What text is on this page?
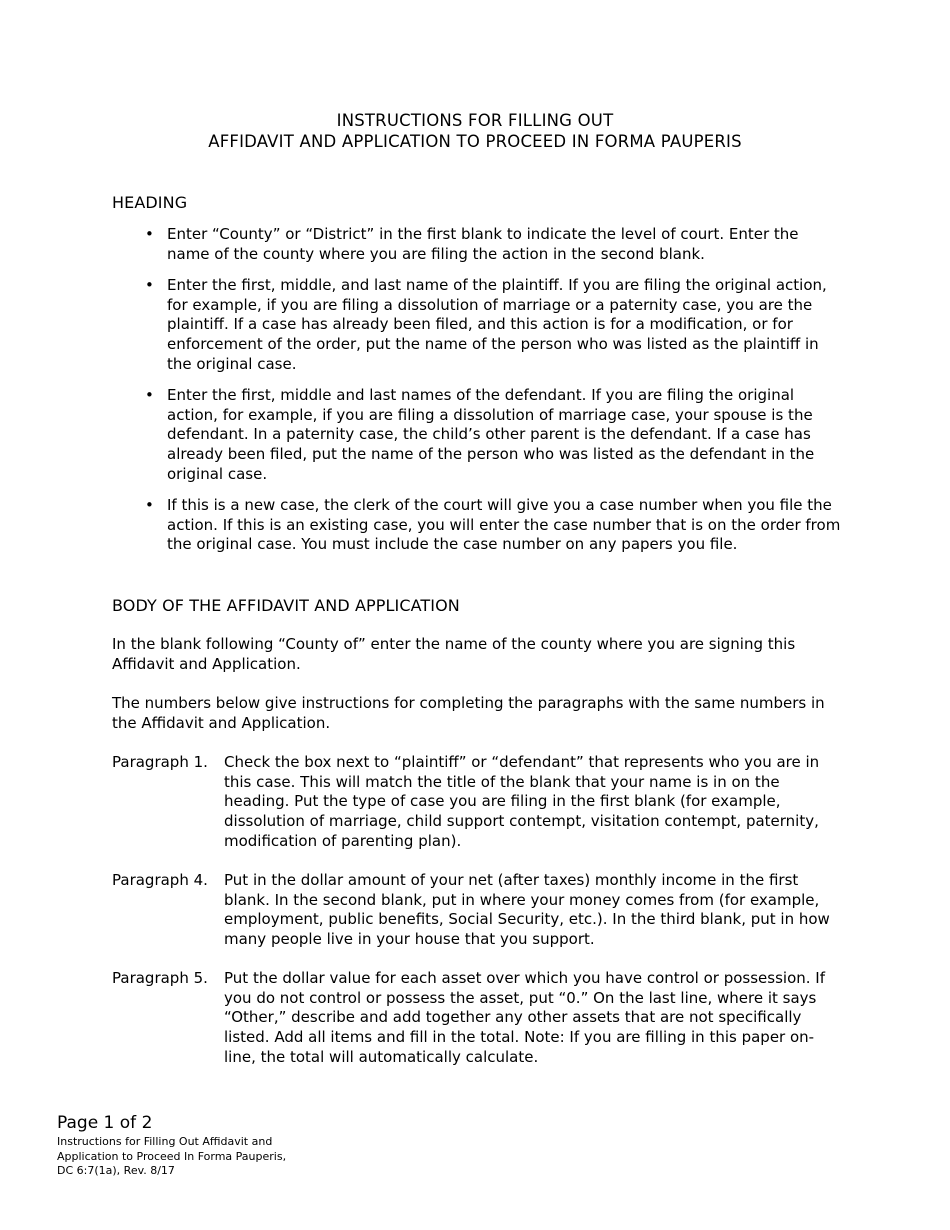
INSTRUCTIONS FOR FILLING OUT
AFFIDAVIT AND APPLICATION TO PROCEED IN FORMA PAUPERIS
HEADING
• Enter “County” or “District” in the first blank to indicate the level of court. Enter the name of the county where you are filing the action in the second blank.
• Enter the first, middle, and last name of the plaintiff. If you are filing the original action, for example, if you are filing a dissolution of marriage or a paternity case, you are the plaintiff. If a case has already been filed, and this action is for a modification, or for enforcement of the order, put the name of the person who was listed as the plaintiff in the original case.
• Enter the first, middle and last names of the defendant. If you are filing the original action, for example, if you are filing a dissolution of marriage case, your spouse is the defendant. In a paternity case, the child’s other parent is the defendant. If a case has already been filed, put the name of the person who was listed as the defendant in the original case.
• If this is a new case, the clerk of the court will give you a case number when you file the action. If this is an existing case, you will enter the case number that is on the order from the original case. You must include the case number on any papers you file.
BODY OF THE AFFIDAVIT AND APPLICATION

In the blank following “County of” enter the name of the county where you are signing this Affidavit and Application.

The numbers below give instructions for completing the paragraphs with the same numbers in the Affidavit and Application.

Paragraph 1.	Check the box next to “plaintiff” or “defendant” that represents who you are in this case. This will match the title of the blank that your name is in on the heading. Put the type of case you are filing in the first blank (for example, dissolution of marriage, child support contempt, visitation contempt, paternity, modification of parenting plan).
Paragraph 4.	Put in the dollar amount of your net (after taxes) monthly income in the first blank. In the second blank, put in where your money comes from (for example, employment, public benefits, Social Security, etc.). In the third blank, put in how many people live in your house that you support.
Paragraph 5.	Put the dollar value for each asset over which you have control or possession. If you do not control or possess the asset, put “0.” On the last line, where it says “Other,” describe and add together any other assets that are not specifically listed. Add all items and fill in the total. Note: If you are filling in this paper on-line, the total will automatically calculate.
Page 1 of 2
Instructions for Filling Out Affidavit and
Application to Proceed In Forma Pauperis,
DC 6:7(1a), Rev. 8/17
